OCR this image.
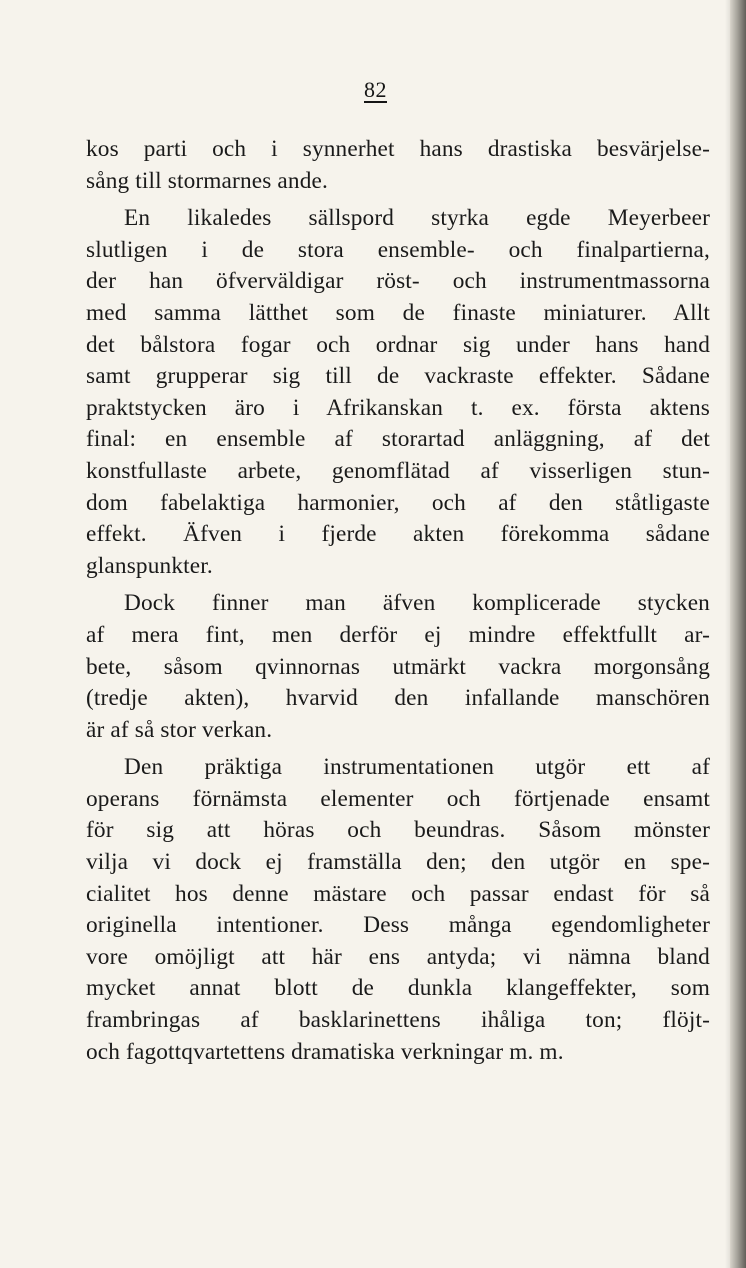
82
kos parti och i synnerhet hans drastiska besvärjelse-
sång till stormarnes ande.
En likaledes sällspord styrka egde Meyerbeer
slutligen i de stora ensemble- och finalpartierna,
der han öfverväldigar röst- och instrumentmassorna
med samma lätthet som de finaste miniaturer. Allt
det bålstora fogar och ordnar sig under hans hand
samt grupperar sig till de vackraste effekter. Sådane
praktstycken äro i Afrikanskan t. ex. första aktens
final: en ensemble af storartad anläggning, af det
konstfullaste arbete, genomflätad af visserligen stun-
dom fabelaktiga harmonier, och af den ståtligaste
effekt. Äfven i fjerde akten förekomma sådane
glanspunkter.
Dock finner man äfven komplicerade stycken
af mera fint, men derför ej mindre effektfullt ar-
bete, såsom qvinnornas utmärkt vackra morgonsång
(tredje akten), hvarvid den infallande manschören
är af så stor verkan.
Den präktiga instrumentationen utgör ett af
operans förnämsta elementer och förtjenade ensamt
för sig att höras och beundras. Såsom mönster
vilja vi dock ej framställa den; den utgör en spe-
cialitet hos denne mästare och passar endast för så
originella intentioner. Dess många egendomligheter
vore omöjligt att här ens antyda; vi nämna bland
mycket annat blott de dunkla klangeffekter, som
frambringas af basklarinettens ihåliga ton; flöjt-
och fagottqvartettens dramatiska verkningar m. m.
